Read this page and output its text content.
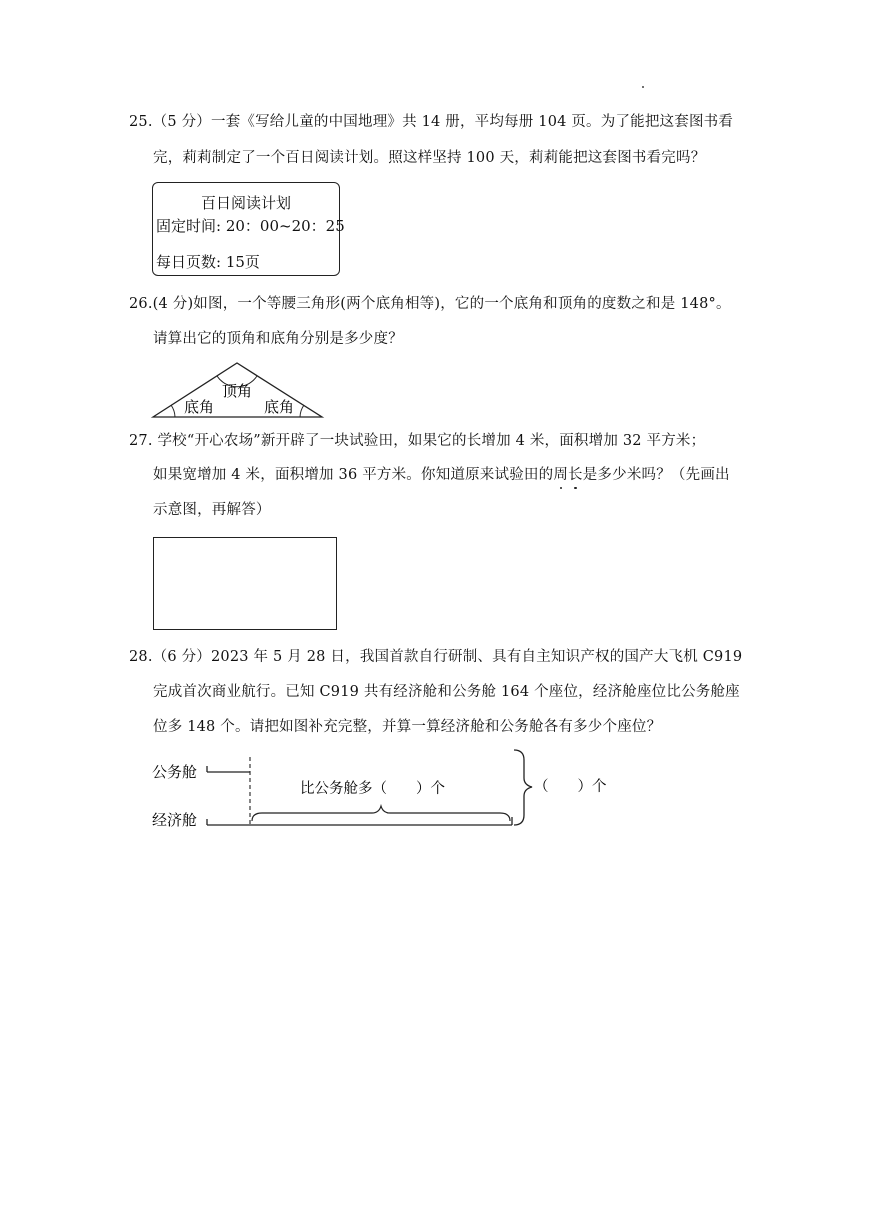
25.（5 分）一套《写给儿童的中国地理》共 14 册，平均每册 104 页。为了能把这套图书看
完，莉莉制定了一个百日阅读计划。照这样坚持 100 天，莉莉能把这套图书看完吗？
百日阅读计划
固定时间: 20：00~20：25
每日页数: 15页
26.(4 分)如图，一个等腰三角形(两个底角相等)，它的一个底角和顶角的度数之和是 148°。
请算出它的顶角和底角分别是多少度？
顶角
底角	底角
27. 学校“开心农场”新开辟了一块试验田，如果它的长增加 4 米，面积增加 32 平方米；
如果宽增加 4 米，面积增加 36 平方米。你知道原来试验田的周长是多少米吗？（先画出
示意图，再解答）
28.（6 分）2023 年 5 月 28 日，我国首款自行研制、具有自主知识产权的国产大飞机 C919
完成首次商业航行。已知 C919 共有经济舱和公务舱 164 个座位，经济舱座位比公务舱座
位多 148 个。请把如图补充完整，并算一算经济舱和公务舱各有多少个座位？
公务舱
经济舱
比公务舱多（　　）个	（　　）个
